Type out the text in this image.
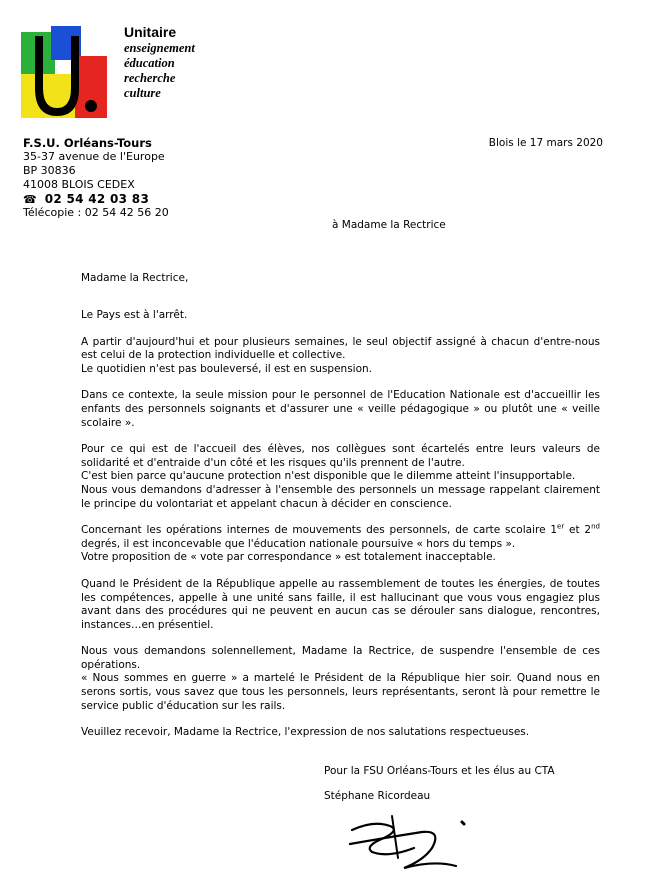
Unitaire
enseignement
éducation
recherche
culture
F.S.U. Orléans-Tours
35-37 avenue de l'Europe
BP 30836
41008 BLOIS CEDEX
☎ 02 54 42 03 83
Télécopie : 02 54 42 56 20
Blois le 17 mars 2020
à Madame la Rectrice
Madame la Rectrice,

Le Pays est à l'arrêt.

A partir d'aujourd'hui et pour plusieurs semaines, le seul objectif assigné à chacun d'entre-nous est celui de la protection individuelle et collective.
Le quotidien n'est pas bouleversé, il est en suspension.

Dans ce contexte, la seule mission pour le personnel de l'Education Nationale est d'accueillir les enfants des personnels soignants et d'assurer une « veille pédagogique » ou plutôt une « veille scolaire ».

Pour ce qui est de l'accueil des élèves, nos collègues sont écartelés entre leurs valeurs de solidarité et d'entraide d'un côté et les risques qu'ils prennent de l'autre.
C'est bien parce qu'aucune protection n'est disponible que le dilemme atteint l'insupportable.
Nous vous demandons d'adresser à l'ensemble des personnels un message rappelant clairement le principe du volontariat et appelant chacun à décider en conscience.

Concernant les opérations internes de mouvements des personnels, de carte scolaire 1er et 2nd degrés, il est inconcevable que l'éducation nationale poursuive « hors du temps ».
Votre proposition de « vote par correspondance » est totalement inacceptable.

Quand le Président de la République appelle au rassemblement de toutes les énergies, de toutes les compétences, appelle à une unité sans faille, il est hallucinant que vous vous engagiez plus avant dans des procédures qui ne peuvent en aucun cas se dérouler sans dialogue, rencontres, instances…en présentiel.

Nous vous demandons solennellement, Madame la Rectrice, de suspendre l'ensemble de ces opérations.
« Nous sommes en guerre » a martelé le Président de la République hier soir. Quand nous en serons sortis, vous savez que tous les personnels, leurs représentants, seront là pour remettre le service public d'éducation sur les rails.

Veuillez recevoir, Madame la Rectrice, l'expression de nos salutations respectueuses.

Pour la FSU Orléans-Tours et les élus au CTA
Stéphane Ricordeau
